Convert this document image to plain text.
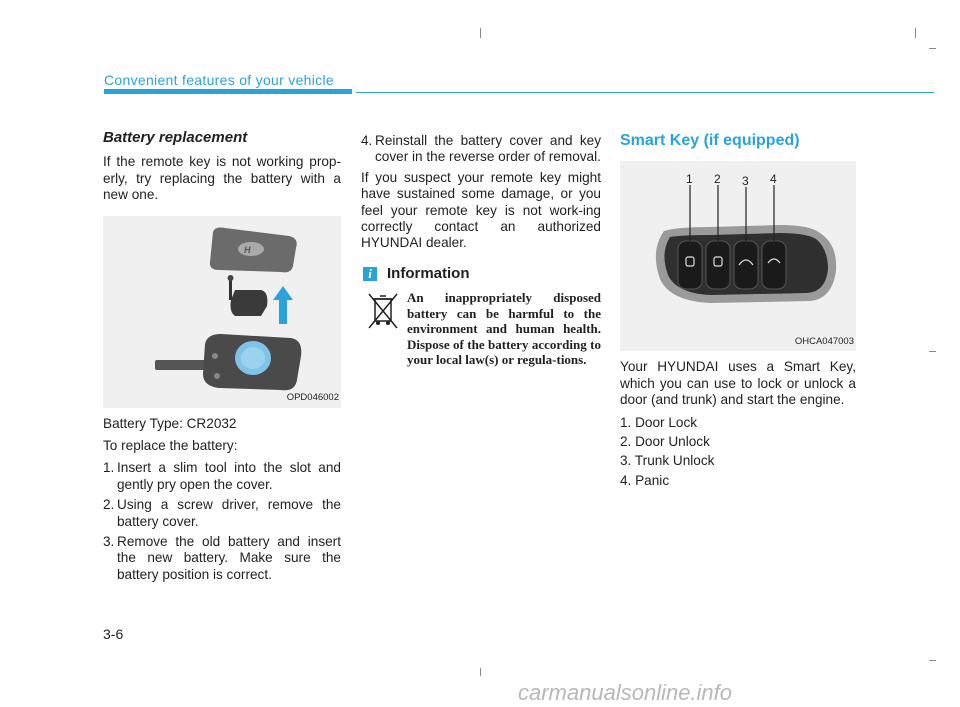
Convenient features of your vehicle
Battery replacement
If the remote key is not working prop-erly, try replacing the battery with a new one.
H
OPD046002
Battery Type: CR2032
To replace the battery:
1. Insert a slim tool into the slot and gently pry open the cover.
2. Using a screw driver, remove the battery cover.
3. Remove the old battery and insert the new battery. Make sure the battery position is correct.
4. Reinstall the battery cover and key cover in the reverse order of removal.
If you suspect your remote key might have sustained some damage, or you feel your remote key is not work-ing correctly contact an authorized HYUNDAI dealer.
i	Information
An inappropriately disposed battery can be harmful to the environment and human health. Dispose of the battery according to your local law(s) or regula-tions.
Smart Key (if equipped)
1 2 3 4
OHCA047003
Your HYUNDAI uses a Smart Key, which you can use to lock or unlock a door (and trunk) and start the engine.
1. Door Lock
2. Door Unlock
3. Trunk Unlock
4. Panic
3-6
carmanualsonline.info
